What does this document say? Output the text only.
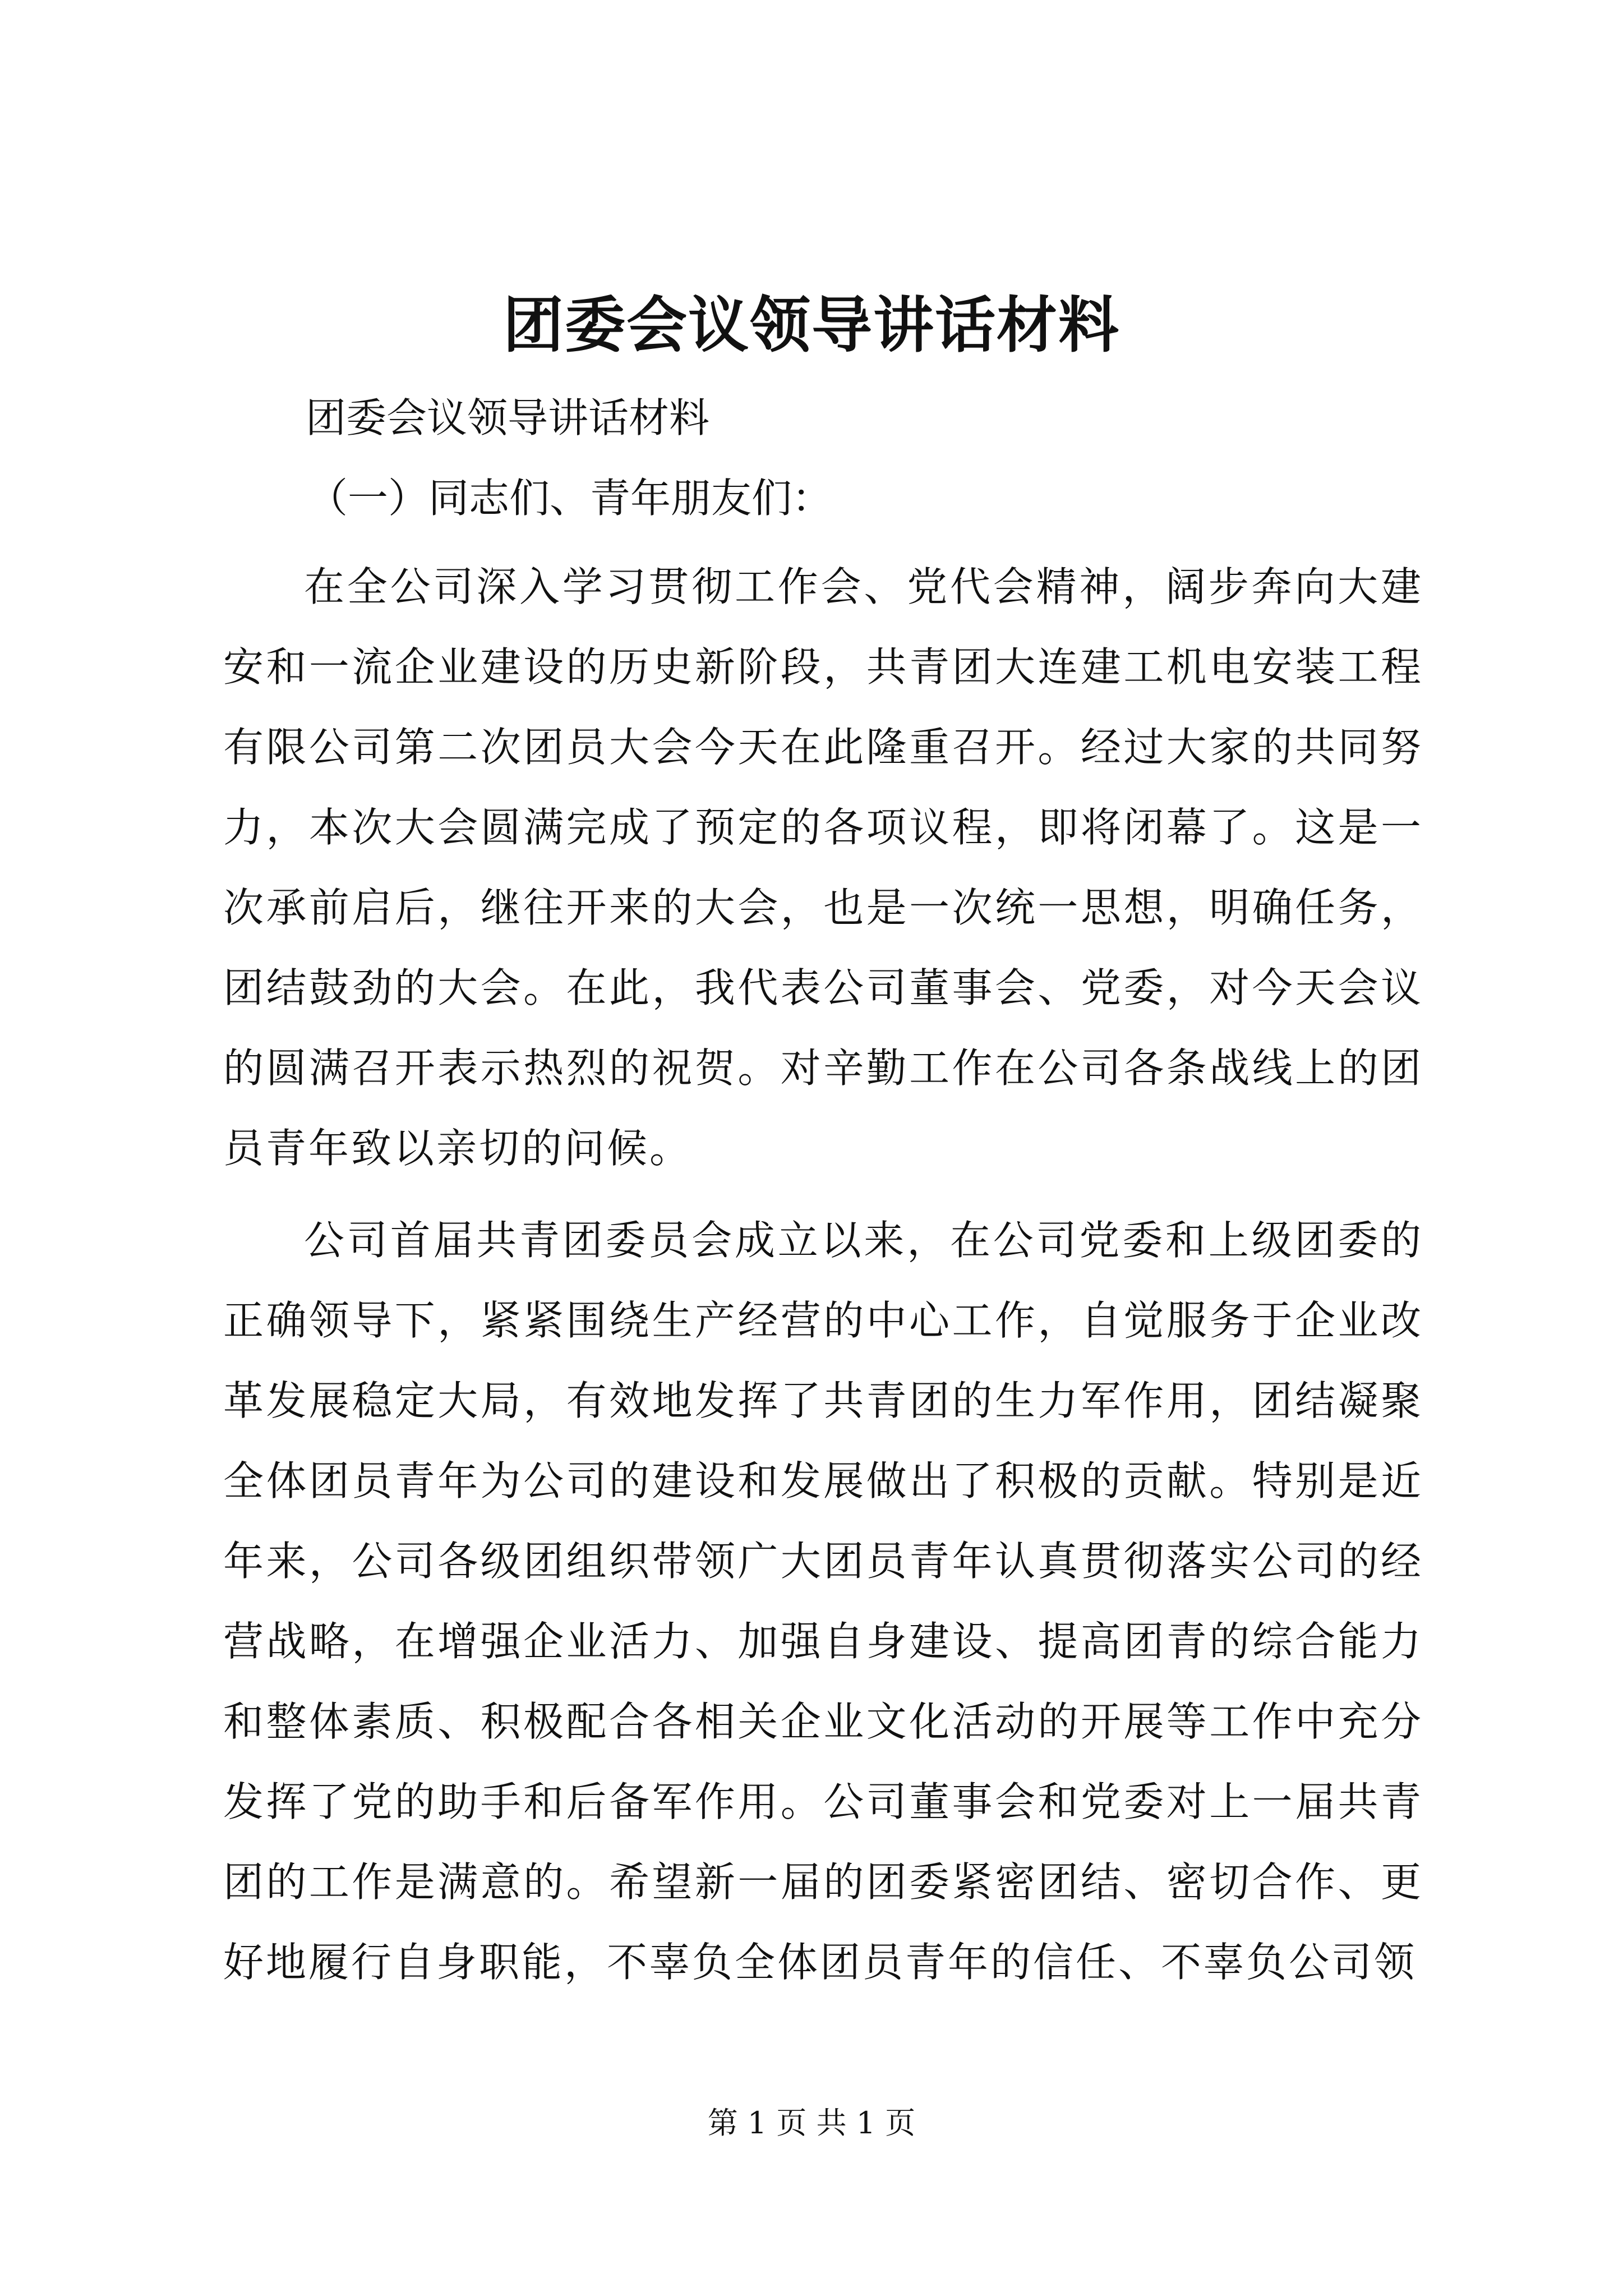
团委会议领导讲话材料

团委会议领导讲话材料

（一）同志们、青年朋友们：

在全公司深入学习贯彻工作会、党代会精神，阔步奔向大建安和一流企业建设的历史新阶段，共青团大连建工机电安装工程有限公司第二次团员大会今天在此隆重召开。经过大家的共同努力，本次大会圆满完成了预定的各项议程，即将闭幕了。这是一次承前启后，继往开来的大会，也是一次统一思想，明确任务，团结鼓劲的大会。在此，我代表公司董事会、党委，对今天会议的圆满召开表示热烈的祝贺。对辛勤工作在公司各条战线上的团员青年致以亲切的问候。

公司首届共青团委员会成立以来，在公司党委和上级团委的正确领导下，紧紧围绕生产经营的中心工作，自觉服务于企业改革发展稳定大局，有效地发挥了共青团的生力军作用，团结凝聚全体团员青年为公司的建设和发展做出了积极的贡献。特别是近年来，公司各级团组织带领广大团员青年认真贯彻落实公司的经营战略，在增强企业活力、加强自身建设、提高团青的综合能力和整体素质、积极配合各相关企业文化活动的开展等工作中充分发挥了党的助手和后备军作用。公司董事会和党委对上一届共青团的工作是满意的。希望新一届的团委紧密团结、密切合作、更好地履行自身职能，不辜负全体团员青年的信任、不辜负公司领

第 1 页 共 1 页
